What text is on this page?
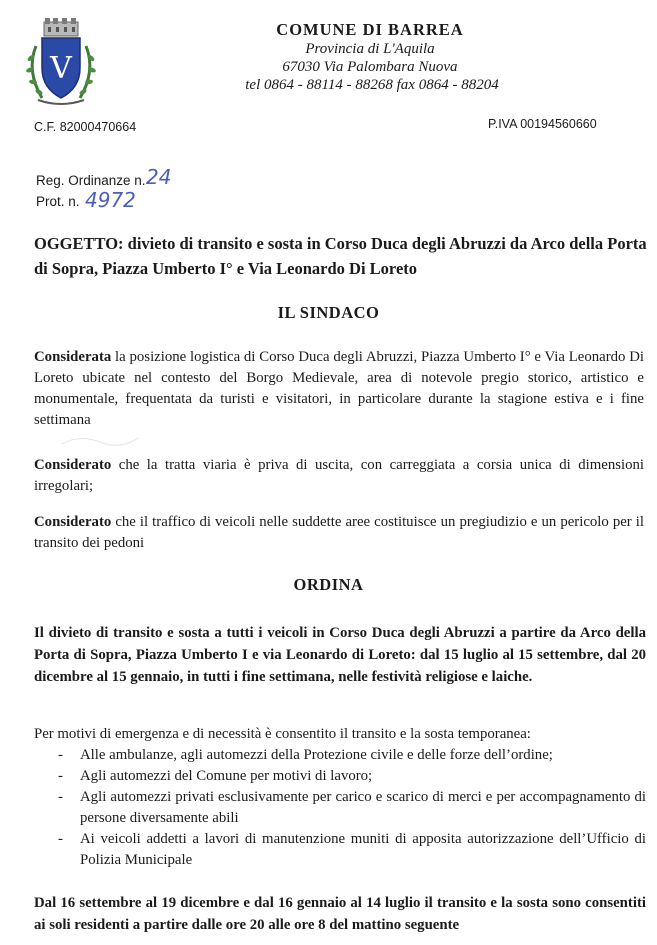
V
COMUNE DI BARREA
Provincia di L'Aquila
67030 Via Palombara Nuova
tel 0864 - 88114 - 88268 fax 0864 - 88204
C.F. 82000470664	P.IVA 00194560660
Reg. Ordinanze n. 24
Prot. n. 4972
OGGETTO: divieto di transito e sosta in Corso Duca degli Abruzzi da Arco della Porta di Sopra, Piazza Umberto I° e Via Leonardo Di Loreto
IL SINDACO
Considerata la posizione logistica di Corso Duca degli Abruzzi, Piazza Umberto I° e Via Leonardo Di Loreto ubicate nel contesto del Borgo Medievale, area di notevole pregio storico, artistico e monumentale, frequentata da turisti e visitatori, in particolare durante la stagione estiva e i fine settimana
Considerato che la tratta viaria è priva di uscita, con carreggiata a corsia unica di dimensioni irregolari;
Considerato che il traffico di veicoli nelle suddette aree costituisce un pregiudizio e un pericolo per il transito dei pedoni
ORDINA
Il divieto di transito e sosta a tutti i veicoli in Corso Duca degli Abruzzi a partire da Arco della Porta di Sopra, Piazza Umberto I e via Leonardo di Loreto: dal 15 luglio al 15 settembre, dal 20 dicembre al 15 gennaio, in tutti i fine settimana, nelle festività religiose e laiche.
Per motivi di emergenza e di necessità è consentito il transito e la sosta temporanea:
- Alle ambulanze, agli automezzi della Protezione civile e delle forze dell’ordine;
- Agli automezzi del Comune per motivi di lavoro;
- Agli automezzi privati esclusivamente per carico e scarico di merci e per accompagnamento di persone diversamente abili
- Ai veicoli addetti a lavori di manutenzione muniti di apposita autorizzazione dell’Ufficio di Polizia Municipale
Dal 16 settembre al 19 dicembre e dal 16 gennaio al 14 luglio il transito e la sosta sono consentiti ai soli residenti a partire dalle ore 20 alle ore 8 del mattino seguente
